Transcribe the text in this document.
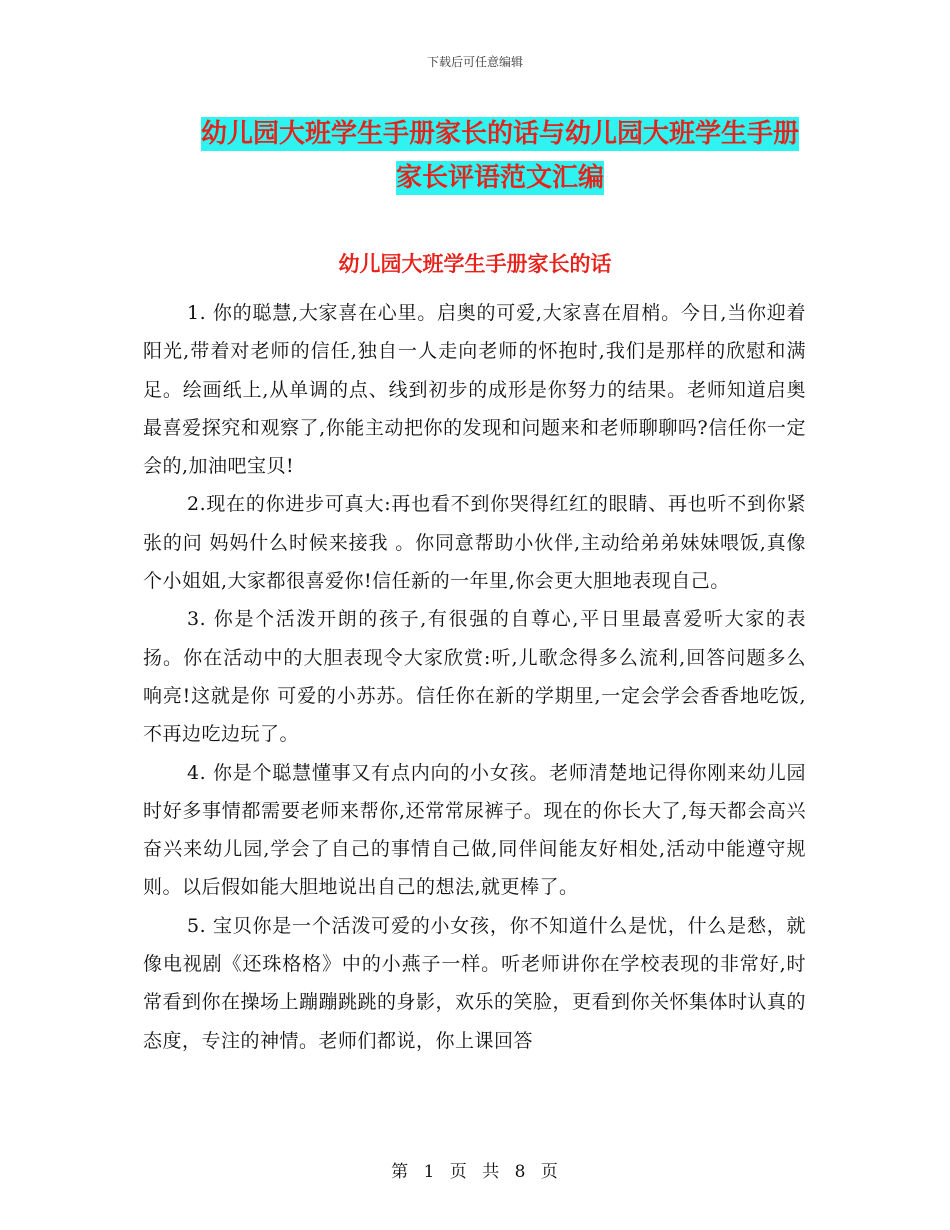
下载后可任意编辑
幼儿园大班学生手册家长的话与幼儿园大班学生手册
家长评语范文汇编
幼儿园大班学生手册家长的话

1. 你的聪慧,大家喜在心里。启奥的可爱,大家喜在眉梢。今日,当你迎着阳光,带着对老师的信任,独自一人走向老师的怀抱时,我们是那样的欣慰和满足。绘画纸上,从单调的点、线到初步的成形是你努力的结果。老师知道启奥最喜爱探究和观察了,你能主动把你的发现和问题来和老师聊聊吗?信任你一定会的,加油吧宝贝!

2.现在的你进步可真大:再也看不到你哭得红红的眼睛、再也听不到你紧张的问 妈妈什么时候来接我 。你同意帮助小伙伴,主动给弟弟妹妹喂饭,真像个小姐姐,大家都很喜爱你!信任新的一年里,你会更大胆地表现自己。

3. 你是个活泼开朗的孩子,有很强的自尊心,平日里最喜爱听大家的表扬。你在活动中的大胆表现令大家欣赏:听,儿歌念得多么流利,回答问题多么响亮!这就是你 可爱的小苏苏。信任你在新的学期里,一定会学会香香地吃饭,不再边吃边玩了。

4. 你是个聪慧懂事又有点内向的小女孩。老师清楚地记得你刚来幼儿园时好多事情都需要老师来帮你,还常常尿裤子。现在的你长大了,每天都会高兴奋兴来幼儿园,学会了自己的事情自己做,同伴间能友好相处,活动中能遵守规则。以后假如能大胆地说出自己的想法,就更棒了。

5. 宝贝你是一个活泼可爱的小女孩，你不知道什么是忧，什么是愁，就像电视剧《还珠格格》中的小燕子一样。听老师讲你在学校表现的非常好,时常看到你在操场上蹦蹦跳跳的身影，欢乐的笑脸，更看到你关怀集体时认真的态度，专注的神情。老师们都说，你上课回答

第 1 页 共 8 页
